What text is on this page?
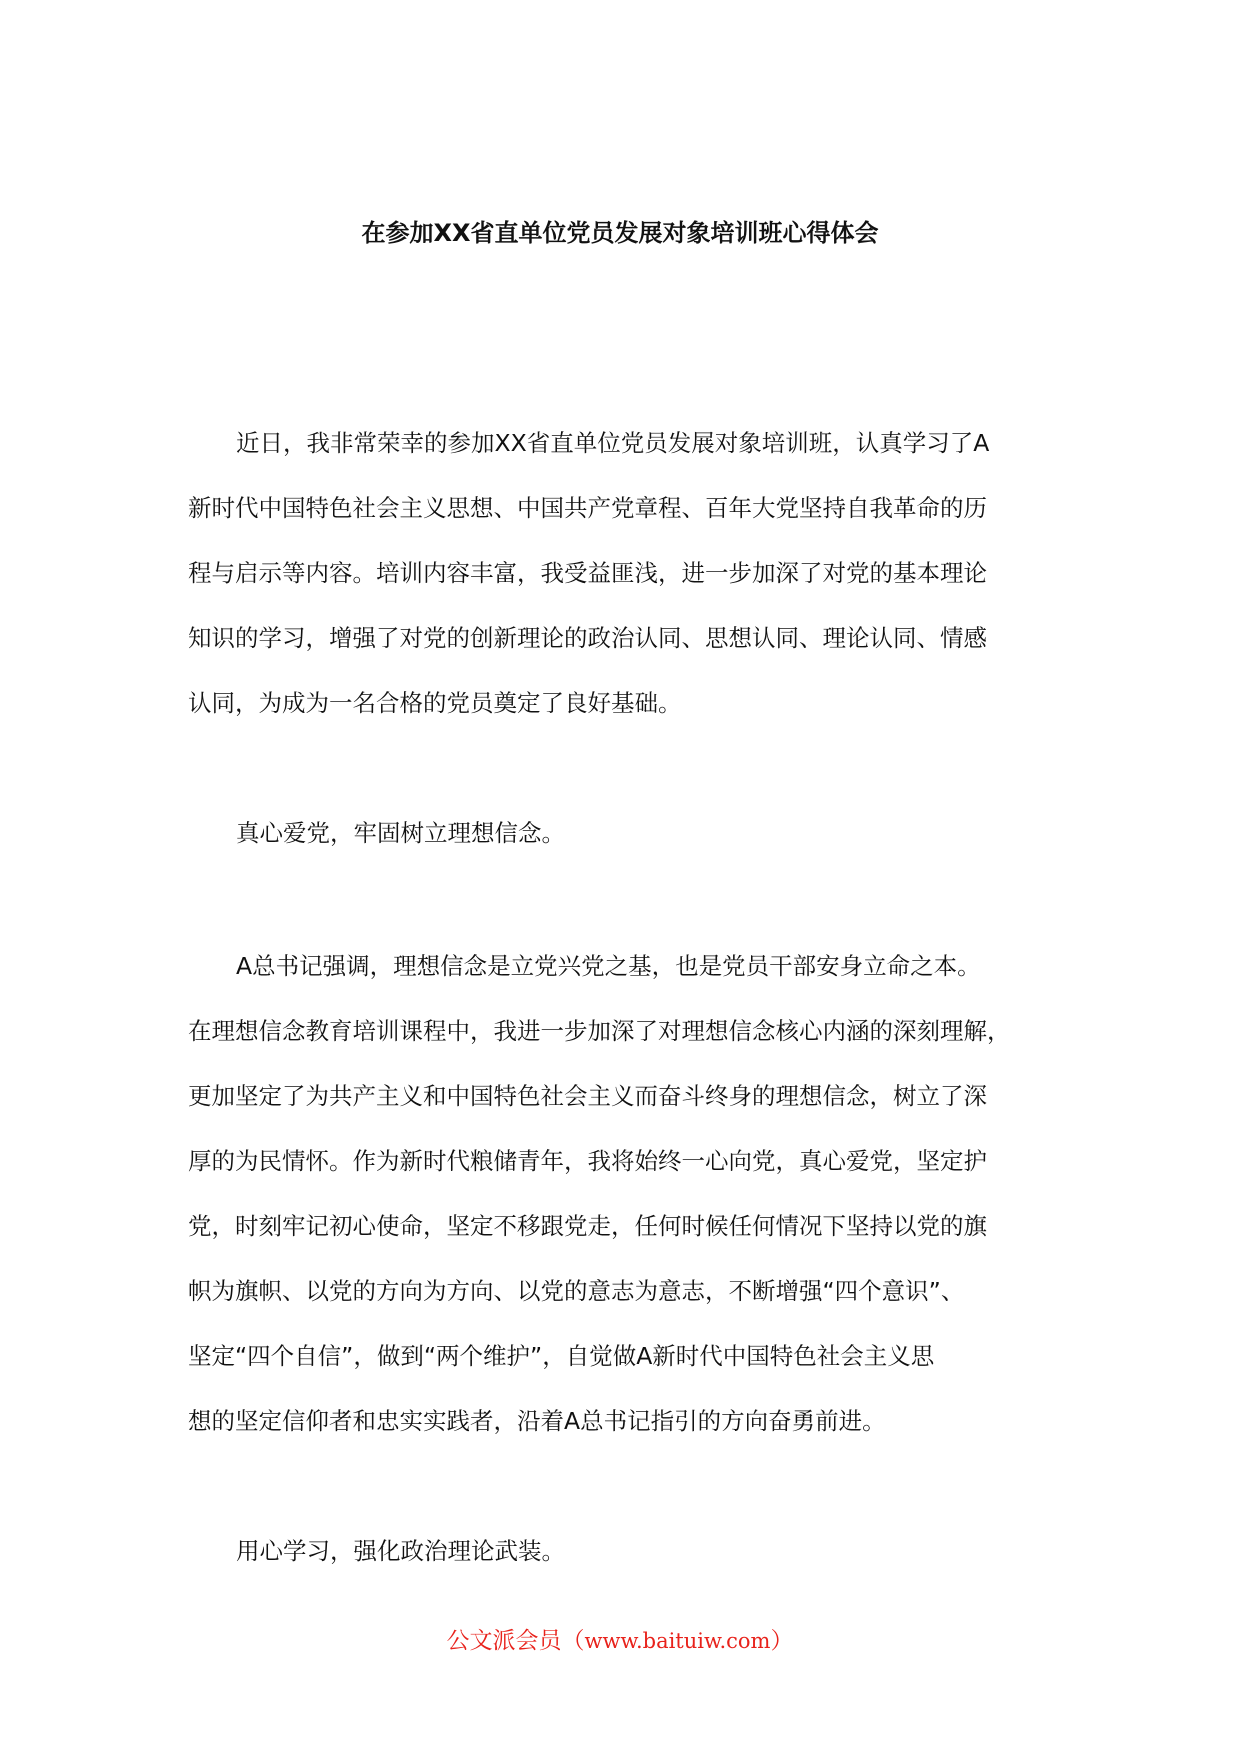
在参加XX省直单位党员发展对象培训班心得体会
近日，我非常荣幸的参加XX省直单位党员发展对象培训班，认真学习了A
新时代中国特色社会主义思想、中国共产党章程、百年大党坚持自我革命的历
程与启示等内容。培训内容丰富，我受益匪浅，进一步加深了对党的基本理论
知识的学习，增强了对党的创新理论的政治认同、思想认同、理论认同、情感
认同，为成为一名合格的党员奠定了良好基础。
真心爱党，牢固树立理想信念。
A总书记强调，理想信念是立党兴党之基，也是党员干部安身立命之本。
在理想信念教育培训课程中，我进一步加深了对理想信念核心内涵的深刻理解，
更加坚定了为共产主义和中国特色社会主义而奋斗终身的理想信念，树立了深
厚的为民情怀。作为新时代粮储青年，我将始终一心向党，真心爱党，坚定护
党，时刻牢记初心使命，坚定不移跟党走，任何时候任何情况下坚持以党的旗
帜为旗帜、以党的方向为方向、以党的意志为意志，不断增强“四个意识”、
坚定“四个自信”，做到“两个维护”，自觉做A新时代中国特色社会主义思
想的坚定信仰者和忠实实践者，沿着A总书记指引的方向奋勇前进。
用心学习，强化政治理论武装。
公文派会员（www.baituiw.com）
